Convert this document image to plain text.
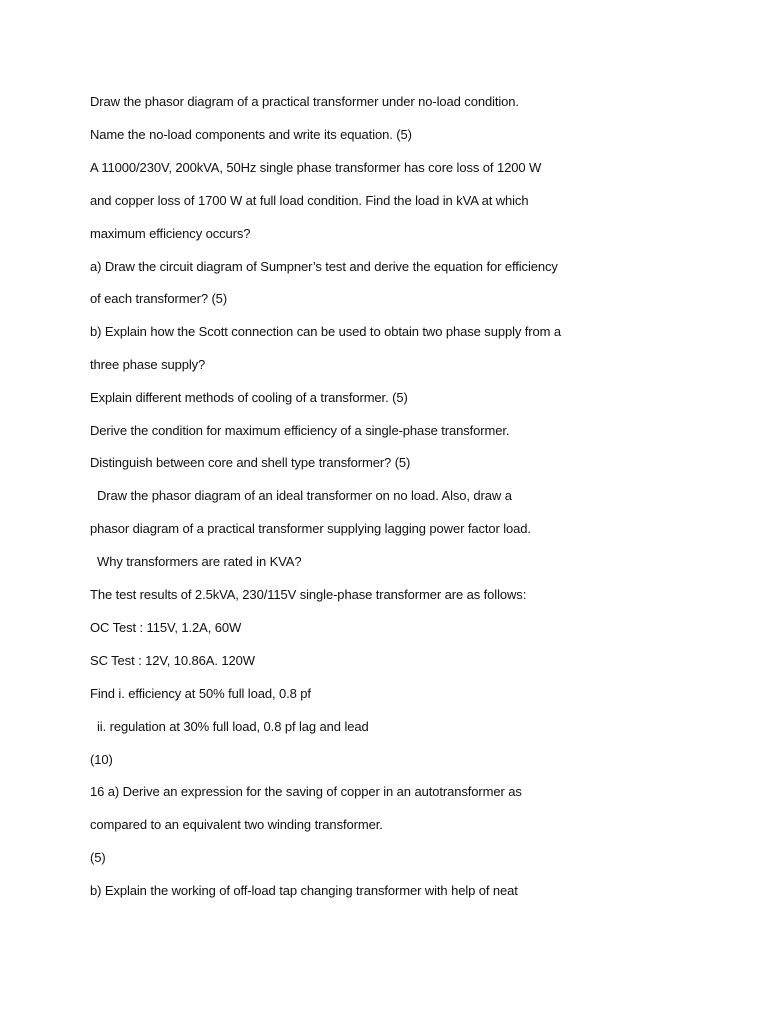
Draw the phasor diagram of a practical transformer under no-load condition.
Name the no-load components and write its equation. (5)
A 11000/230V, 200kVA, 50Hz single phase transformer has core loss of 1200 W
and copper loss of 1700 W at full load condition. Find the load in kVA at which
maximum efficiency occurs?
a) Draw the circuit diagram of Sumpner’s test and derive the equation for efficiency
of each transformer? (5)
b) Explain how the Scott connection can be used to obtain two phase supply from a
three phase supply?
Explain different methods of cooling of a transformer. (5)
Derive the condition for maximum efficiency of a single-phase transformer.
Distinguish between core and shell type transformer? (5)
Draw the phasor diagram of an ideal transformer on no load. Also, draw a
phasor diagram of a practical transformer supplying lagging power factor load.
Why transformers are rated in KVA?
The test results of 2.5kVA, 230/115V single-phase transformer are as follows:
OC Test : 115V, 1.2A, 60W
SC Test : 12V, 10.86A. 120W
Find i. efficiency at 50% full load, 0.8 pf
ii. regulation at 30% full load, 0.8 pf lag and lead
(10)
16 a) Derive an expression for the saving of copper in an autotransformer as
compared to an equivalent two winding transformer.
(5)
b) Explain the working of off-load tap changing transformer with help of neat
